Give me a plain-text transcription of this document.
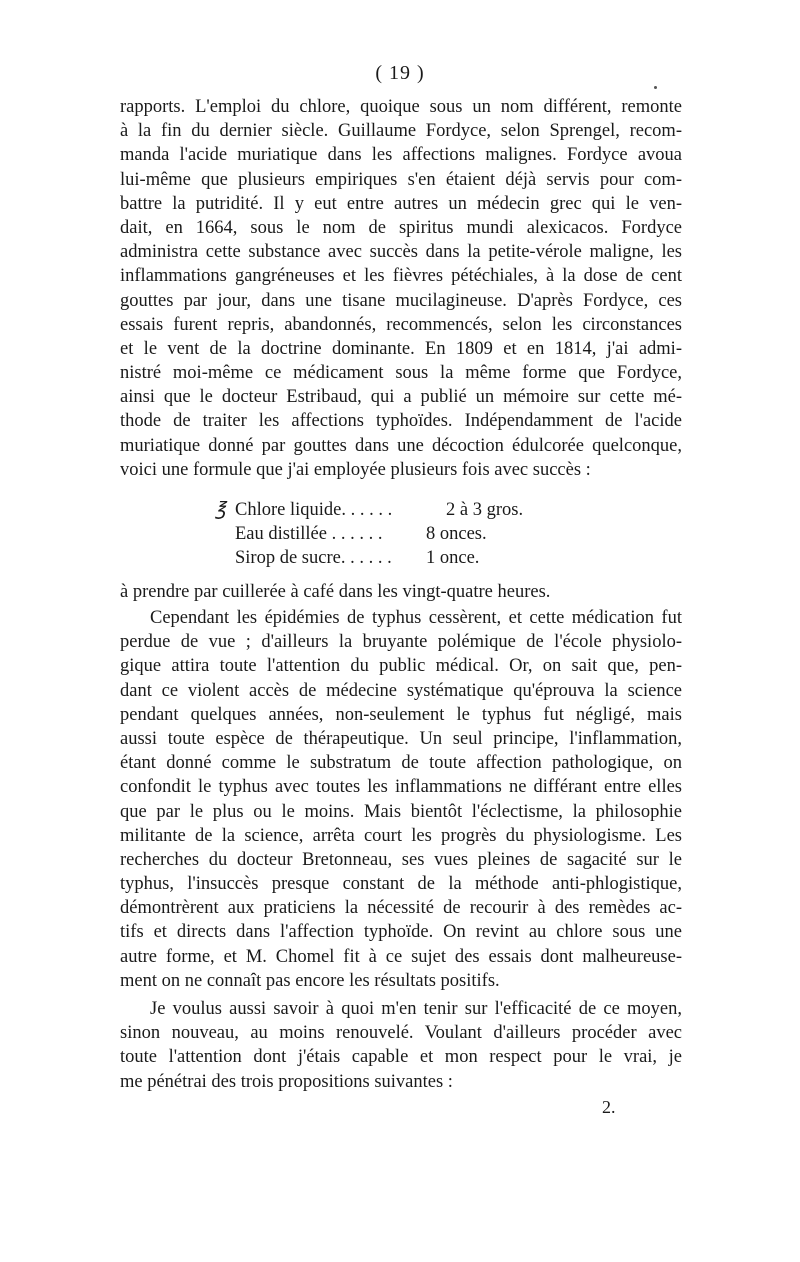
( 19 )
rapports. L'emploi du chlore, quoique sous un nom différent, remonte
à la fin du dernier siècle. Guillaume Fordyce, selon Sprengel, recom-
manda l'acide muriatique dans les affections malignes. Fordyce avoua
lui-même que plusieurs empiriques s'en étaient déjà servis pour com-
battre la putridité. Il y eut entre autres un médecin grec qui le ven-
dait, en 1664, sous le nom de spiritus mundi alexicacos. Fordyce
administra cette substance avec succès dans la petite-vérole maligne, les
inflammations gangréneuses et les fièvres pétéchiales, à la dose de cent
gouttes par jour, dans une tisane mucilagineuse. D'après Fordyce, ces
essais furent repris, abandonnés, recommencés, selon les circonstances
et le vent de la doctrine dominante. En 1809 et en 1814, j'ai admi-
nistré moi-même ce médicament sous la même forme que Fordyce,
ainsi que le docteur Estribaud, qui a publié un mémoire sur cette mé-
thode de traiter les affections typhoïdes. Indépendamment de l'acide
muriatique donné par gouttes dans une décoction édulcorée quelconque,
voici une formule que j'ai employée plusieurs fois avec succès :
℥ Chlore liquide. . . . . .	2 à 3 gros.
Eau distillée . . . . . .	8 onces.
Sirop de sucre. . . . . .	1 once.
à prendre par cuillerée à café dans les vingt-quatre heures.
Cependant les épidémies de typhus cessèrent, et cette médication fut
perdue de vue ; d'ailleurs la bruyante polémique de l'école physiolo-
gique attira toute l'attention du public médical. Or, on sait que, pen-
dant ce violent accès de médecine systématique qu'éprouva la science
pendant quelques années, non-seulement le typhus fut négligé, mais
aussi toute espèce de thérapeutique. Un seul principe, l'inflammation,
étant donné comme le substratum de toute affection pathologique, on
confondit le typhus avec toutes les inflammations ne différant entre elles
que par le plus ou le moins. Mais bientôt l'éclectisme, la philosophie
militante de la science, arrêta court les progrès du physiologisme. Les
recherches du docteur Bretonneau, ses vues pleines de sagacité sur le
typhus, l'insuccès presque constant de la méthode anti-phlogistique,
démontrèrent aux praticiens la nécessité de recourir à des remèdes ac-
tifs et directs dans l'affection typhoïde. On revint au chlore sous une
autre forme, et M. Chomel fit à ce sujet des essais dont malheureuse-
ment on ne connaît pas encore les résultats positifs.
Je voulus aussi savoir à quoi m'en tenir sur l'efficacité de ce moyen,
sinon nouveau, au moins renouvelé. Voulant d'ailleurs procéder avec
toute l'attention dont j'étais capable et mon respect pour le vrai, je
me pénétrai des trois propositions suivantes :
2.
